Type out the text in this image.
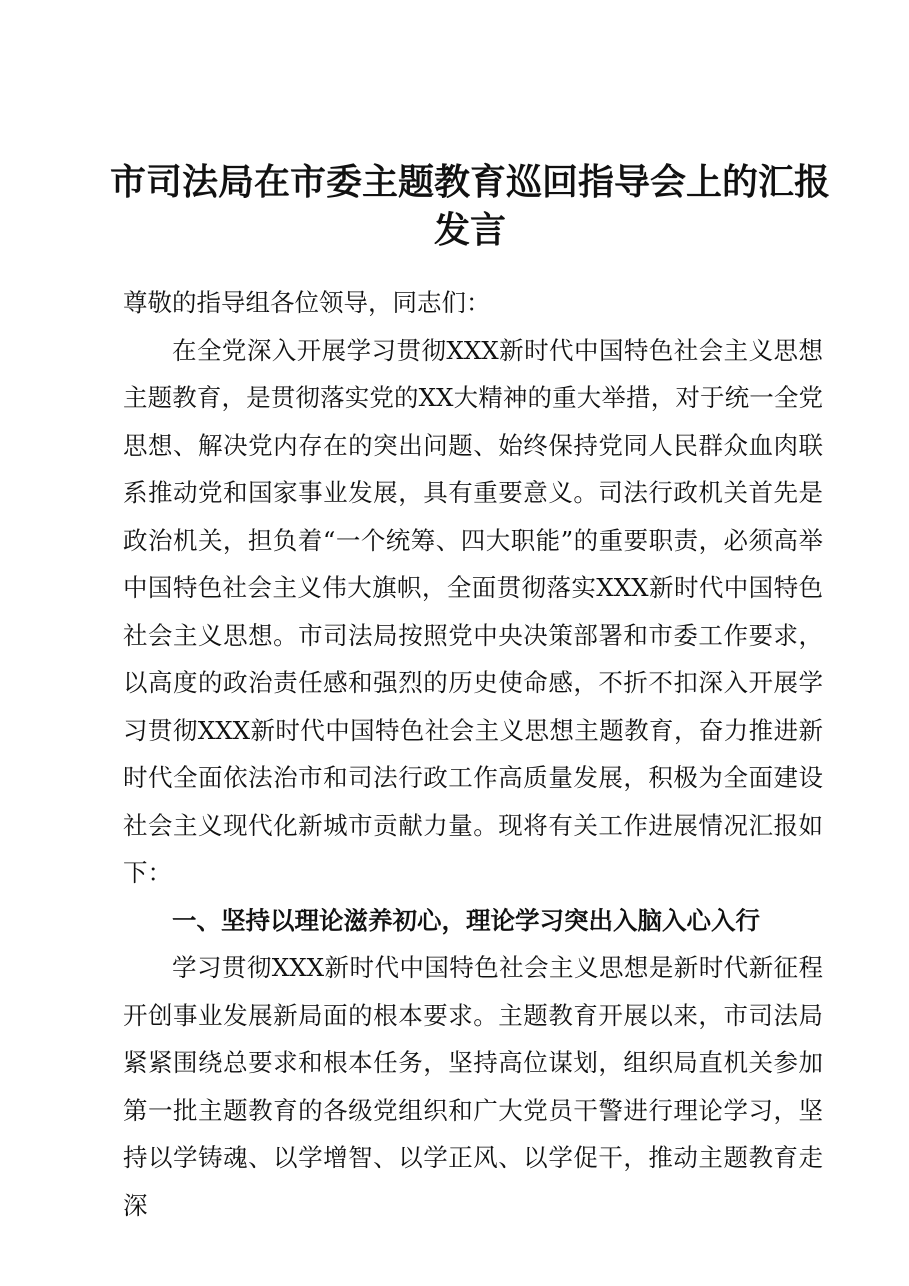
市司法局在市委主题教育巡回指导会上的汇报发言

尊敬的指导组各位领导，同志们：

在全党深入开展学习贯彻XXX新时代中国特色社会主义思想主题教育，是贯彻落实党的XX大精神的重大举措，对于统一全党思想、解决党内存在的突出问题、始终保持党同人民群众血肉联系推动党和国家事业发展，具有重要意义。司法行政机关首先是政治机关，担负着“一个统筹、四大职能”的重要职责，必须高举中国特色社会主义伟大旗帜，全面贯彻落实XXX新时代中国特色社会主义思想。市司法局按照党中央决策部署和市委工作要求，以高度的政治责任感和强烈的历史使命感，不折不扣深入开展学习贯彻XXX新时代中国特色社会主义思想主题教育，奋力推进新时代全面依法治市和司法行政工作高质量发展，积极为全面建设社会主义现代化新城市贡献力量。现将有关工作进展情况汇报如下：

一、坚持以理论滋养初心，理论学习突出入脑入心入行

学习贯彻XXX新时代中国特色社会主义思想是新时代新征程开创事业发展新局面的根本要求。主题教育开展以来，市司法局紧紧围绕总要求和根本任务，坚持高位谋划，组织局直机关参加第一批主题教育的各级党组织和广大党员干警进行理论学习，坚持以学铸魂、以学增智、以学正风、以学促干，推动主题教育走深
